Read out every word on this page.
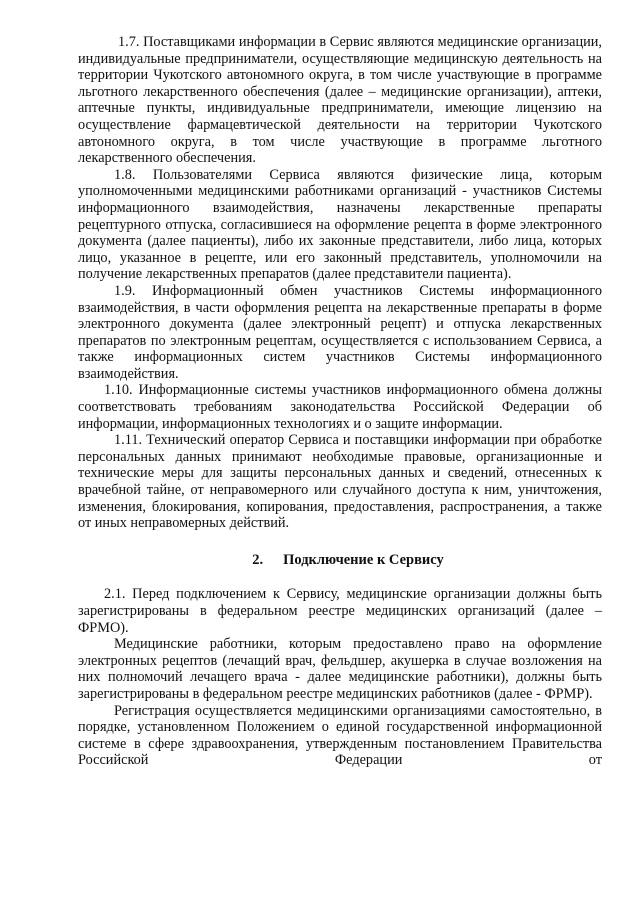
1.7. Поставщиками информации в Сервис являются медицинские организации, индивидуальные предприниматели, осуществляющие медицинскую деятельность на территории Чукотского автономного округа, в том числе участвующие в программе льготного лекарственного обеспечения (далее – медицинские организации), аптеки, аптечные пункты, индивидуальные предприниматели, имеющие лицензию на осуществление фармацевтической деятельности на территории Чукотского автономного округа, в том числе участвующие в программе льготного лекарственного обеспечения.

1.8. Пользователями Сервиса являются физические лица, которым уполномоченными медицинскими работниками организаций - участников Системы информационного взаимодействия, назначены лекарственные препараты рецептурного отпуска, согласившиеся на оформление рецепта в форме электронного документа (далее пациенты), либо их законные представители, либо лица, которых лицо, указанное в рецепте, или его законный представитель, уполномочили на получение лекарственных препаратов (далее представители пациента).

1.9. Информационный обмен участников Системы информационного взаимодействия, в части оформления рецепта на лекарственные препараты в форме электронного документа (далее электронный рецепт) и отпуска лекарственных препаратов по электронным рецептам, осуществляется с использованием Сервиса, а также информационных систем участников Системы информационного взаимодействия.

1.10. Информационные системы участников информационного обмена должны соответствовать требованиям законодательства Российской Федерации об информации, информационных технологиях и о защите информации.

1.11. Технический оператор Сервиса и поставщики информации при обработке персональных данных принимают необходимые правовые, организационные и технические меры для защиты персональных данных и сведений, отнесенных к врачебной тайне, от неправомерного или случайного доступа к ним, уничтожения, изменения, блокирования, копирования, предоставления, распространения, а также от иных неправомерных действий.

2. Подключение к Сервису

2.1. Перед подключением к Сервису, медицинские организации должны быть зарегистрированы в федеральном реестре медицинских организаций (далее – ФРМО).

Медицинские работники, которым предоставлено право на оформление электронных рецептов (лечащий врач, фельдшер, акушерка в случае возложения на них полномочий лечащего врача - далее медицинские работники), должны быть зарегистрированы в федеральном реестре медицинских работников (далее - ФРМР).

Регистрация осуществляется медицинскими организациями самостоятельно, в порядке, установленном Положением о единой государственной информационной системе в сфере здравоохранения, утвержденным постановлением Правительства Российской Федерации от
